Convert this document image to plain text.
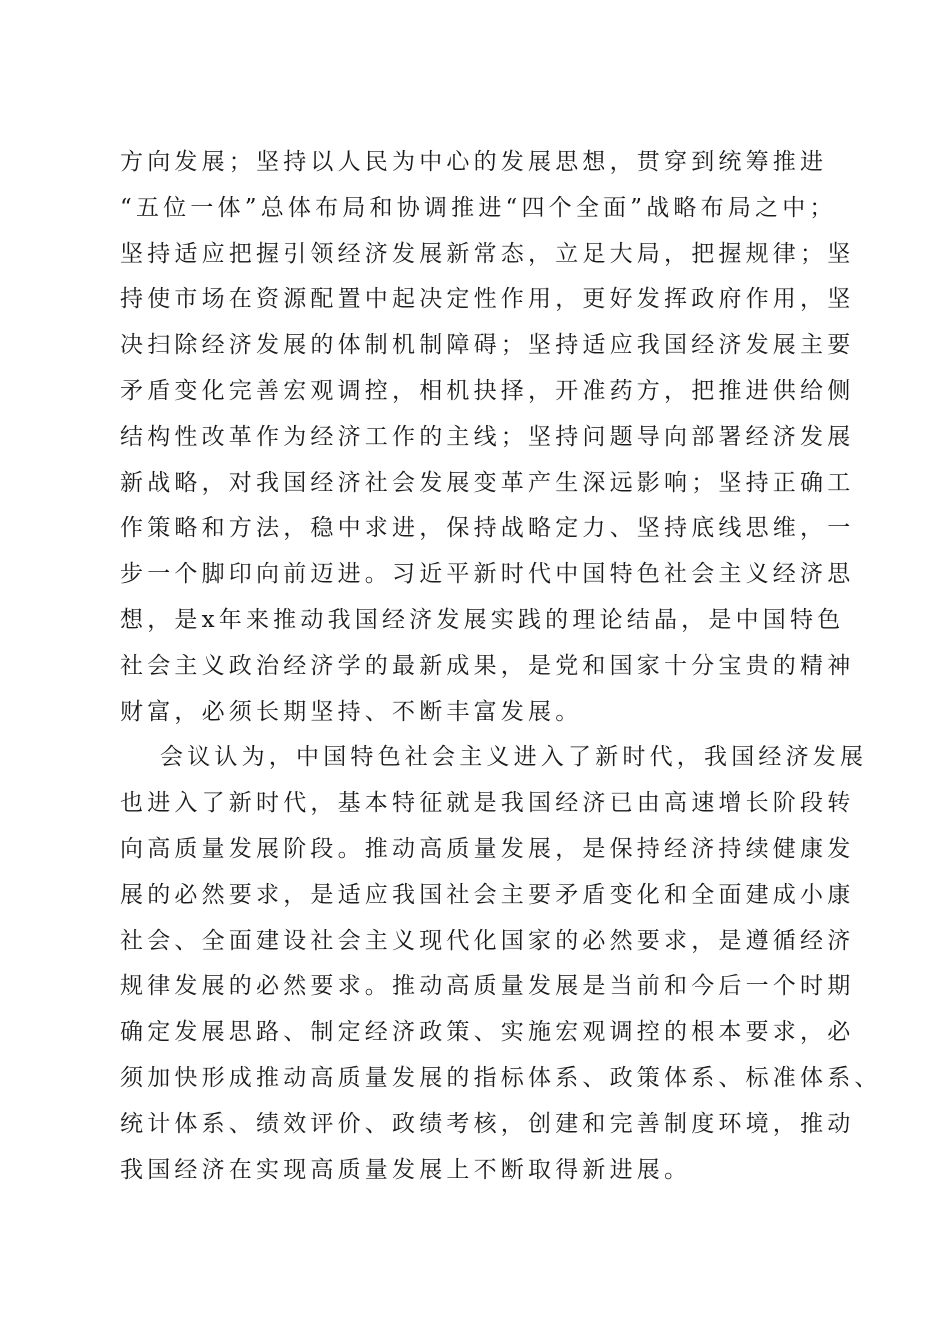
方向发展；坚持以人民为中心的发展思想，贯穿到统筹推进
“五位一体”总体布局和协调推进“四个全面”战略布局之中；
坚持适应把握引领经济发展新常态，立足大局，把握规律；坚
持使市场在资源配置中起决定性作用，更好发挥政府作用，坚
决扫除经济发展的体制机制障碍；坚持适应我国经济发展主要
矛盾变化完善宏观调控，相机抉择，开准药方，把推进供给侧
结构性改革作为经济工作的主线；坚持问题导向部署经济发展
新战略，对我国经济社会发展变革产生深远影响；坚持正确工
作策略和方法，稳中求进，保持战略定力、坚持底线思维，一
步一个脚印向前迈进。习近平新时代中国特色社会主义经济思
想，是x年来推动我国经济发展实践的理论结晶，是中国特色
社会主义政治经济学的最新成果，是党和国家十分宝贵的精神
财富，必须长期坚持、不断丰富发展。
会议认为，中国特色社会主义进入了新时代，我国经济发展
也进入了新时代，基本特征就是我国经济已由高速增长阶段转
向高质量发展阶段。推动高质量发展，是保持经济持续健康发
展的必然要求，是适应我国社会主要矛盾变化和全面建成小康
社会、全面建设社会主义现代化国家的必然要求，是遵循经济
规律发展的必然要求。推动高质量发展是当前和今后一个时期
确定发展思路、制定经济政策、实施宏观调控的根本要求，必
须加快形成推动高质量发展的指标体系、政策体系、标准体系、
统计体系、绩效评价、政绩考核，创建和完善制度环境，推动
我国经济在实现高质量发展上不断取得新进展。
